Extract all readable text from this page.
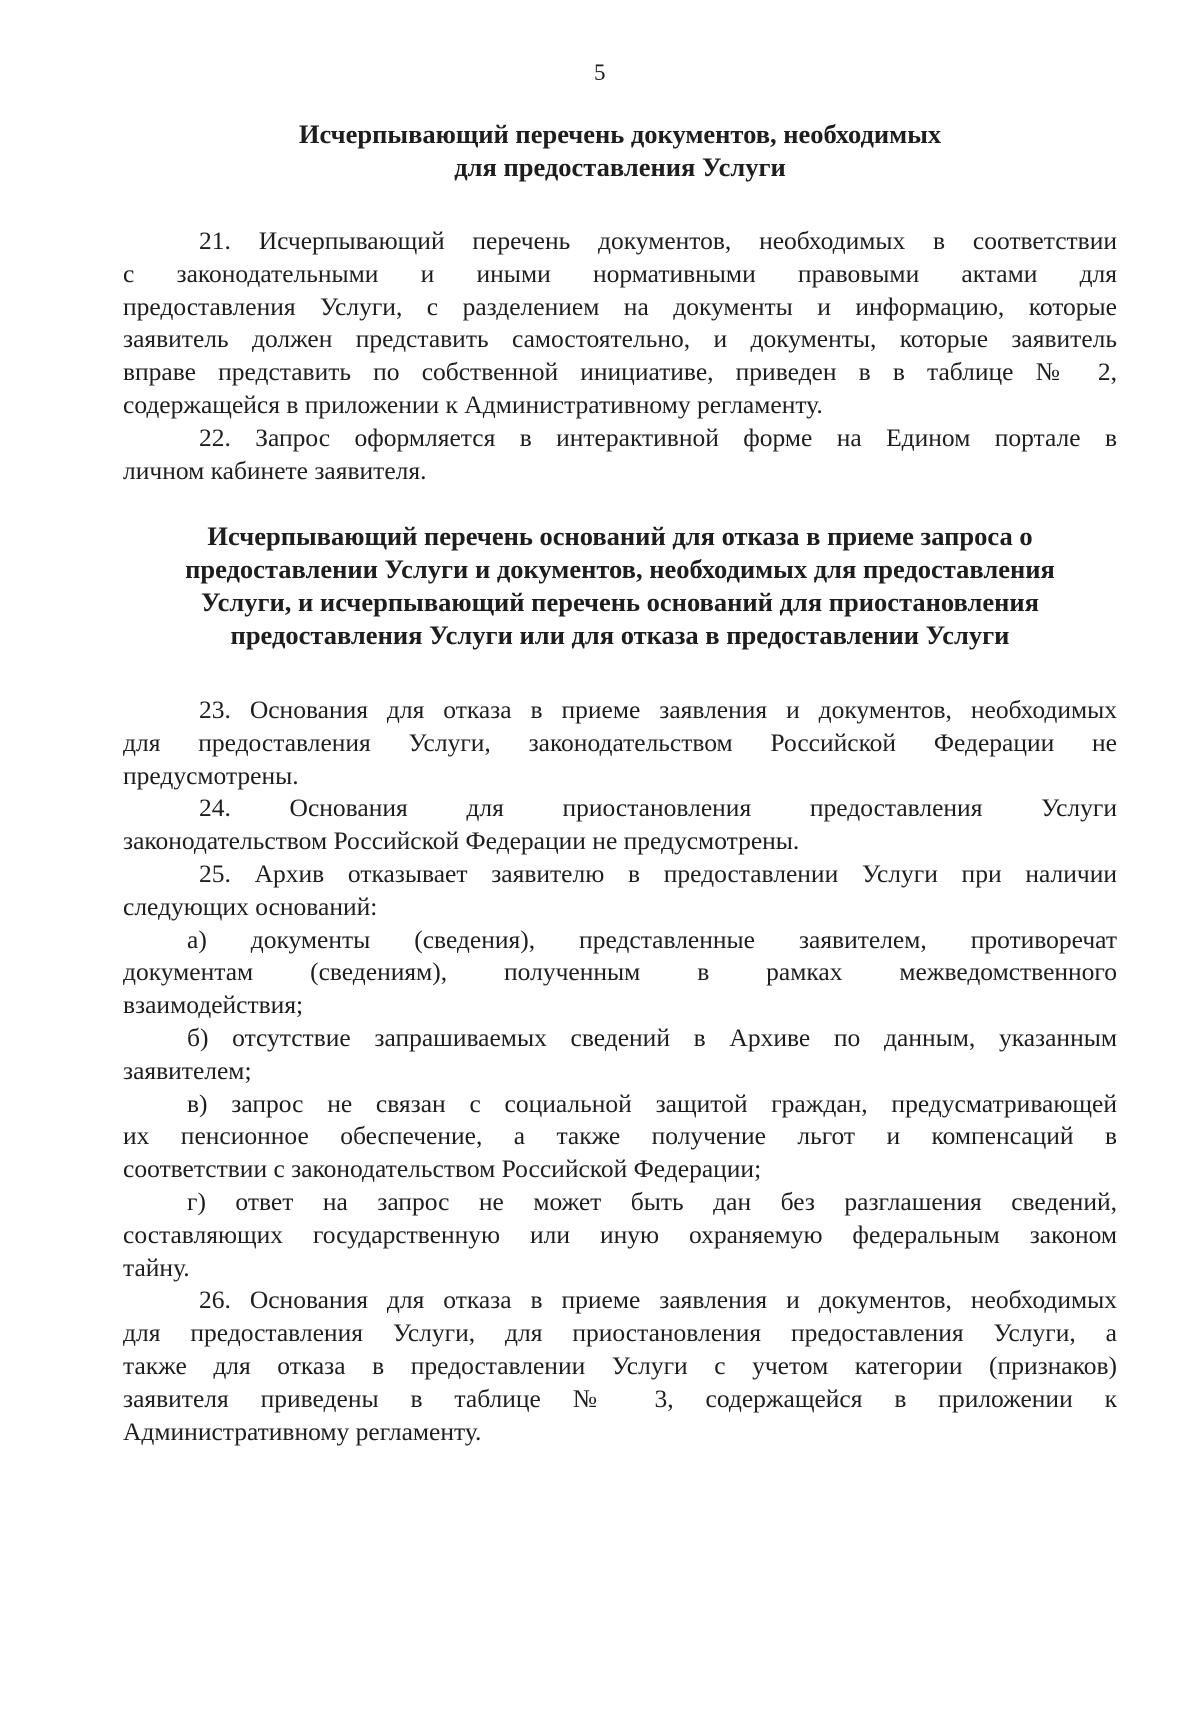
5
Исчерпывающий перечень документов, необходимых
для предоставления Услуги
21. Исчерпывающий перечень документов, необходимых в соответствии
с законодательными и иными нормативными правовыми актами для
предоставления Услуги, с разделением на документы и информацию, которые
заявитель должен представить самостоятельно, и документы, которые заявитель
вправе представить по собственной инициативе, приведен в в таблице № 2,
содержащейся в приложении к Административному регламенту.
22. Запрос оформляется в интерактивной форме на Едином портале в
личном кабинете заявителя.
Исчерпывающий перечень оснований для отказа в приеме запроса о
предоставлении Услуги и документов, необходимых для предоставления
Услуги, и исчерпывающий перечень оснований для приостановления
предоставления Услуги или для отказа в предоставлении Услуги
23. Основания для отказа в приеме заявления и документов, необходимых
для предоставления Услуги, законодательством Российской Федерации не
предусмотрены.
24. Основания для приостановления предоставления Услуги
законодательством Российской Федерации не предусмотрены.
25. Архив отказывает заявителю в предоставлении Услуги при наличии
следующих оснований:
а) документы (сведения), представленные заявителем, противоречат
документам (сведениям), полученным в рамках межведомственного
взаимодействия;
б) отсутствие запрашиваемых сведений в Архиве по данным, указанным
заявителем;
в) запрос не связан с социальной защитой граждан, предусматривающей
их пенсионное обеспечение, а также получение льгот и компенсаций в
соответствии с законодательством Российской Федерации;
г) ответ на запрос не может быть дан без разглашения сведений,
составляющих государственную или иную охраняемую федеральным законом
тайну.
26. Основания для отказа в приеме заявления и документов, необходимых
для предоставления Услуги, для приостановления предоставления Услуги, а
также для отказа в предоставлении Услуги с учетом категории (признаков)
заявителя приведены в таблице № 3, содержащейся в приложении к
Административному регламенту.
